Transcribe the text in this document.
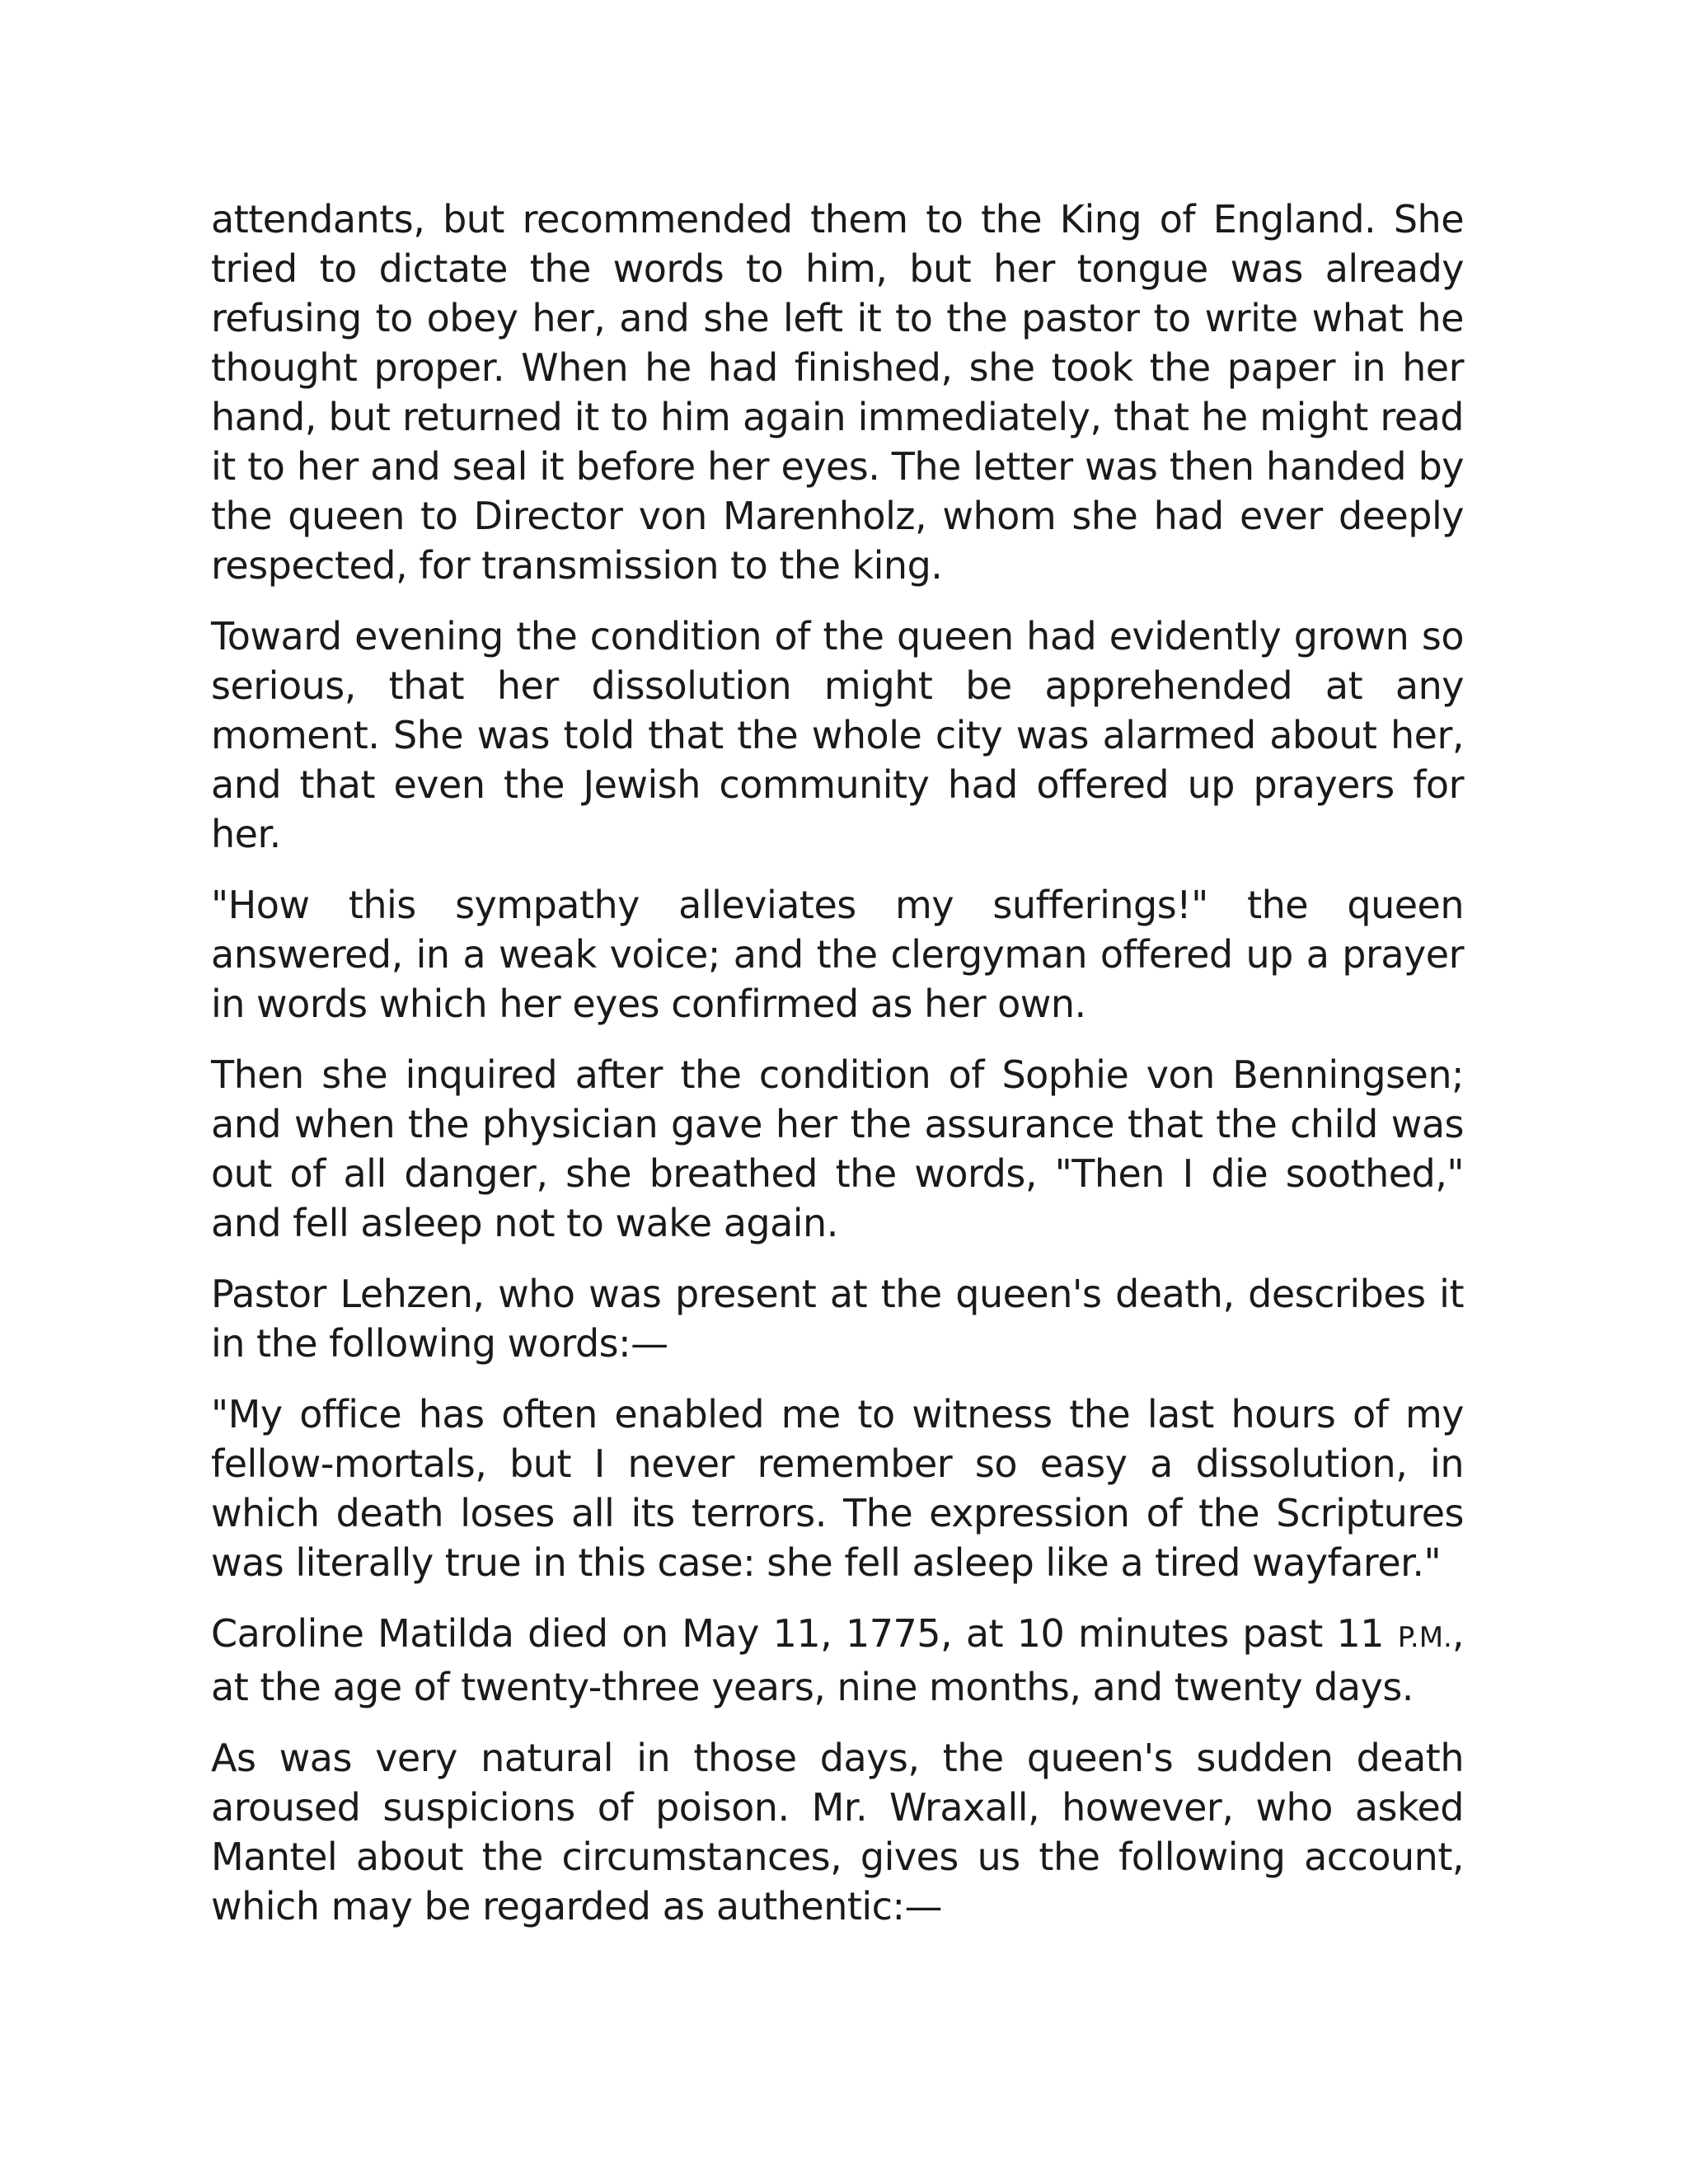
attendants, but recommended them to the King of England. She tried to dictate the words to him, but her tongue was already refusing to obey her, and she left it to the pastor to write what he thought proper. When he had finished, she took the paper in her hand, but returned it to him again immediately, that he might read it to her and seal it before her eyes. The letter was then handed by the queen to Director von Marenholz, whom she had ever deeply respected, for transmission to the king.

Toward evening the condition of the queen had evidently grown so serious, that her dissolution might be apprehended at any moment. She was told that the whole city was alarmed about her, and that even the Jewish community had offered up prayers for her.

"How this sympathy alleviates my sufferings!" the queen answered, in a weak voice; and the clergyman offered up a prayer in words which her eyes confirmed as her own.

Then she inquired after the condition of Sophie von Benningsen; and when the physician gave her the assurance that the child was out of all danger, she breathed the words, "Then I die soothed," and fell asleep not to wake again.

Pastor Lehzen, who was present at the queen's death, describes it in the following words:—

"My office has often enabled me to witness the last hours of my fellow-mortals, but I never remember so easy a dissolution, in which death loses all its terrors. The expression of the Scriptures was literally true in this case: she fell asleep like a tired wayfarer."

Caroline Matilda died on May 11, 1775, at 10 minutes past 11 P.M., at the age of twenty-three years, nine months, and twenty days.

As was very natural in those days, the queen's sudden death aroused suspicions of poison. Mr. Wraxall, however, who asked Mantel about the circumstances, gives us the following account, which may be regarded as authentic:—
